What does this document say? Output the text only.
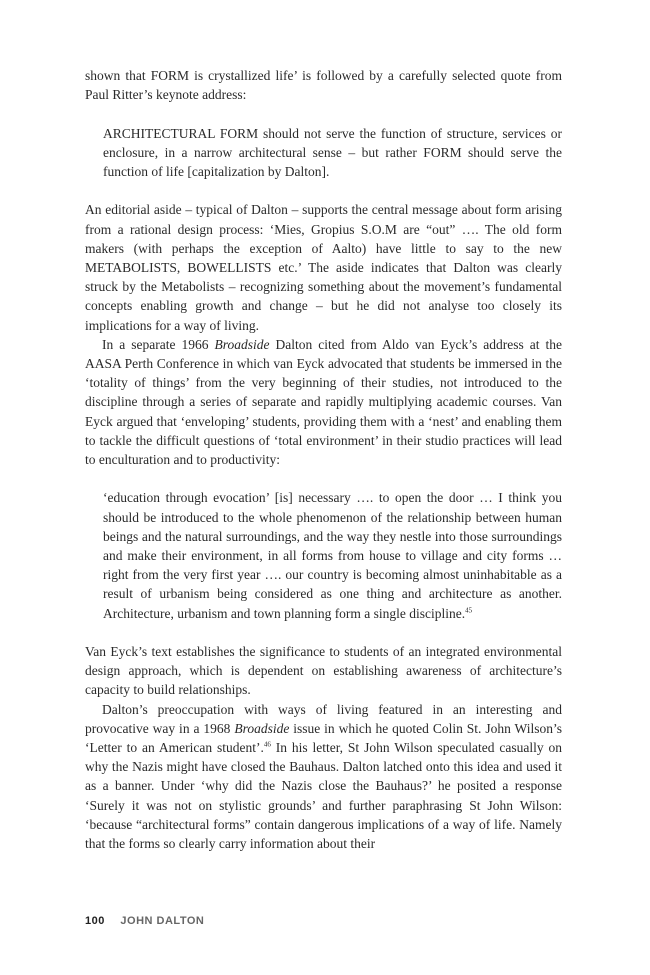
shown that FORM is crystallized life’ is followed by a carefully selected quote from Paul Ritter’s keynote address:

ARCHITECTURAL FORM should not serve the function of structure, services or enclosure, in a narrow architectural sense – but rather FORM should serve the function of life [capitalization by Dalton].

An editorial aside – typical of Dalton – supports the central message about form arising from a rational design process: ‘Mies, Gropius S.O.M are “out” …. The old form makers (with perhaps the exception of Aalto) have little to say to the new METABOLISTS, BOWELLISTS etc.’ The aside indicates that Dalton was clearly struck by the Metabolists – recognizing something about the movement’s fundamental concepts enabling growth and change – but he did not analyse too closely its implications for a way of living.

In a separate 1966 Broadside Dalton cited from Aldo van Eyck’s address at the AASA Perth Conference in which van Eyck advocated that students be immersed in the ‘totality of things’ from the very beginning of their studies, not introduced to the discipline through a series of separate and rapidly multiplying academic courses. Van Eyck argued that ‘enveloping’ students, providing them with a ‘nest’ and enabling them to tackle the difficult questions of ‘total environment’ in their studio practices will lead to enculturation and to productivity:

‘education through evocation’ [is] necessary …. to open the door … I think you should be introduced to the whole phenomenon of the relationship between human beings and the natural surroundings, and the way they nestle into those surroundings and make their environment, in all forms from house to village and city forms … right from the very first year …. our country is becoming almost uninhabitable as a result of urbanism being considered as one thing and architecture as another. Architecture, urbanism and town planning form a single discipline.$^{45}$

Van Eyck’s text establishes the significance to students of an integrated environmental design approach, which is dependent on establishing awareness of architecture’s capacity to build relationships.

Dalton’s preoccupation with ways of living featured in an interesting and provocative way in a 1968 Broadside issue in which he quoted Colin St. John Wilson’s ‘Letter to an American student’.$^{46}$ In his letter, St John Wilson speculated casually on why the Nazis might have closed the Bauhaus. Dalton latched onto this idea and used it as a banner. Under ‘why did the Nazis close the Bauhaus?’ he posited a response ‘Surely it was not on stylistic grounds’ and further paraphrasing St John Wilson: ‘because “architectural forms” contain dangerous implications of a way of life. Namely that the forms so clearly carry information about their

100 JOHN DALTON
